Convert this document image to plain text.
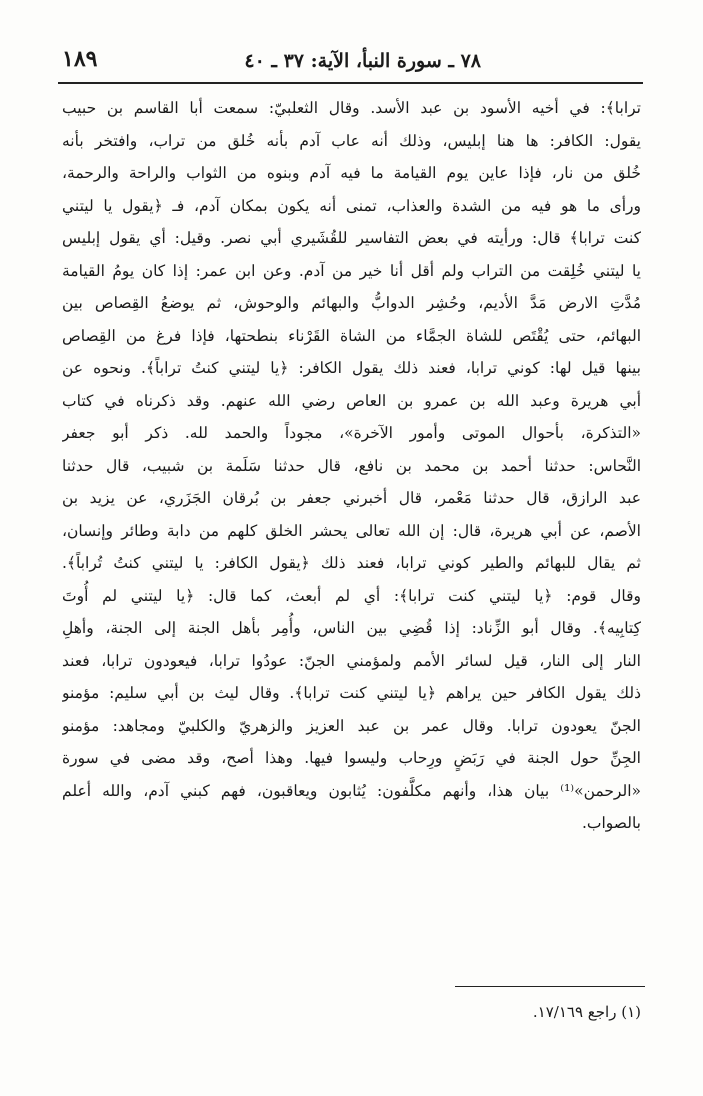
٧٨ ـ سورة النبأ، الآية: ٣٧ ـ ٤٠
١٨٩
ترابا﴾: في أخيه الأسود بن عبد الأسد. وقال الثعلبيّ: سمعت أبا القاسم بن حبيب
يقول: الكافر: ها هنا إبليس، وذلك أنه عاب آدم بأنه خُلق من تراب، وافتخر بأنه
خُلق من نار، فإذا عاين يوم القيامة ما فيه آدم وبنوه من الثواب والراحة والرحمة،
ورأى ما هو فيه من الشدة والعذاب، تمنى أنه يكون بمكان آدم، فـ ﴿يقول يا ليتني
كنت ترابا﴾ قال: ورأيته في بعض التفاسير للقُشَيري أبي نصر. وقيل: أي يقول إبليس
يا ليتني خُلِقت من التراب ولم أقل أنا خير من آدم. وعن ابن عمر: إذا كان يومُ القيامة
مُدَّتِ الارض مَدَّ الأديم، وحُشِر الدوابُّ والبهائم والوحوش، ثم يوضعُ القِصاص بين
البهائم، حتى يُقْتَص للشاة الجمَّاء من الشاة القَرْناء بنطحتها، فإذا فرغ من القِصاص
بينها قيل لها: كوني ترابا، فعند ذلك يقول الكافر: ﴿يا ليتني كنتُ تراباً﴾. ونحوه عن
أبي هريرة وعبد الله بن عمرو بن العاص رضي الله عنهم. وقد ذكرناه في كتاب
«التذكرة، بأحوال الموتى وأمور الآخرة»، مجوداً والحمد لله. ذكر أبو جعفر
النَّحاس: حدثنا أحمد بن محمد بن نافع، قال حدثنا سَلَمة بن شبيب، قال حدثنا
عبد الرازق، قال حدثنا مَعْمر، قال أخبرني جعفر بن بُرقان الجَزَري، عن يزيد بن
الأصم، عن أبي هريرة، قال: إن الله تعالى يحشر الخلق كلهم من دابة وطائر وإنسان،
ثم يقال للبهائم والطير كوني ترابا، فعند ذلك ﴿يقول الكافر: يا ليتني كنتُ تُراباً﴾.
وقال قوم: ﴿يا ليتني كنت ترابا﴾: أي لم أبعث، كما قال: ﴿يا ليتني لم أُوتَ
كِتابِيه﴾. وقال أبو الزِّناد: إذا قُضِي بين الناس، وأُمِر بأهل الجنة إلى الجنة، وأهلِ
النار إلى النار، قيل لسائر الأمم ولمؤمني الجنّ: عودُوا ترابا، فيعودون ترابا، فعند
ذلك يقول الكافر حين يراهم ﴿يا ليتني كنت ترابا﴾. وقال ليث بن أبي سليم: مؤمنو
الجنّ يعودون ترابا. وقال عمر بن عبد العزيز والزهريّ والكلبيّ ومجاهد: مؤمنو
الجِنِّ حول الجنة في رَبَضٍ ورِحاب وليسوا فيها. وهذا أصح، وقد مضى في سورة
«الرحمن»⁽¹⁾ بيان هذا، وأنهم مكلَّفون: يُثابون ويعاقبون، فهم كبني آدم، والله أعلم
بالصواب.
(١) راجع ١٧/١٦٩.
